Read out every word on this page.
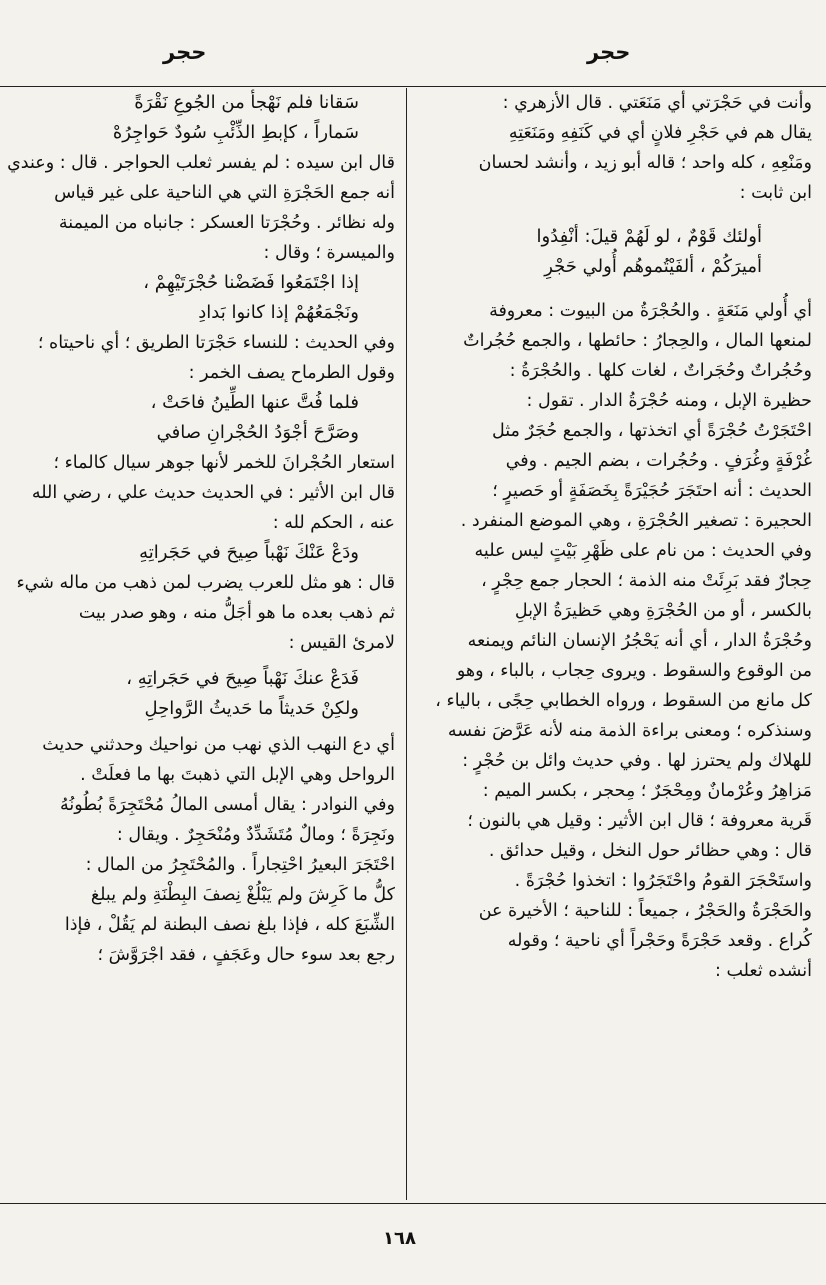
حجر
حجر
وأنت في حَجْرَتي أي مَنَعَتي . قال الأزهري :
يقال هم في حَجْرِ فلانٍ أي في كَنَفِهِ ومَنَعَتِهِ
ومَنْعِهِ ، كله واحد ؛ قاله أبو زيد ، وأنشد لحسان
ابن ثابت :
أولئك قَوْمٌ ، لو لَهُمْ قيلَ: أنْفِدُوا
أميرَكُمْ ، ألفَيْتُموهُم أُولي حَجْرِ
أي أُولي مَنَعَةٍ . والحُجْرَةُ من البيوت : معروفة
لمنعها المال ، والحِجارُ : حائطها ، والجمع حُجُراتٌ
وحُجُراتٌ وحُجَراتٌ ، لغات كلها . والحُجْرَةُ :
حظيرة الإبل ، ومنه حُجْرَةُ الدار . تقول :
احْتَجَرْتُ حُجْرَةً أي اتخذتها ، والجمع حُجَرٌ مثل
غُرْفَةٍ وغُرَفٍ . وحُجُرات ، بضم الجيم . وفي
الحديث : أنه احتَجَرَ حُجَيْرَةً بِخَصَفَةٍ أو حَصيرٍ ؛
الحجيرة : تصغير الحُجْرَةِ ، وهي الموضع المنفرد .
وفي الحديث : من نام على ظَهْرِ بَيْتٍ ليس عليه
حِجارٌ فقد بَرِئَتْ منه الذمة ؛ الحجار جمع حِجْرٍ ،
بالكسر ، أو من الحُجْرَةِ وهي حَظيرَةُ الإبلِ
وحُجْرَةُ الدار ، أي أنه يَحْجُرُ الإنسان النائم ويمنعه
من الوقوع والسقوط . ويروى حِجاب ، بالباء ، وهو
كل مانع من السقوط ، ورواه الخطابي حِجًى ، بالياء ،
وسنذكره ؛ ومعنى براءة الذمة منه لأنه عَرَّضَ نفسه
للهلاك ولم يحترز لها . وفي حديث وائل بن حُجْرٍ :
مَزاهِرُ وعُرْمانٌ ومِحْجَرٌ ؛ مِحجر ، بكسر الميم :
قَرية معروفة ؛ قال ابن الأثير : وقيل هي بالنون ؛
قال : وهي حظائر حول النخل ، وقيل حدائق .
واستَحْجَرَ القومُ واحْتَجَرُوا : اتخذوا حُجْرَةً .
والحَجْرَةُ والحَجْرُ ، جميعاً : للناحية ؛ الأخيرة عن
كُراع . وقعد حَجْرَةً وحَجْراً أي ناحية ؛ وقوله
أنشده ثعلب :
سَقانا فلم نَهْجأ من الجُوعِ نَقْرَةً
سَماراً ، كإبطِ الذِّئْبِ سُودٌ حَواجِرُهْ
قال ابن سيده : لم يفسر ثعلب الحواجر . قال : وعندي
أنه جمع الحَجْرَةِ التي هي الناحية على غير قياس
وله نظائر . وحُجْرَتا العسكر : جانباه من الميمنة
والميسرة ؛ وقال :
إذا اجْتَمَعُوا فَضَضْنا حُجْرَتَيْهِمْ ،
ونَجْمَعُهُمْ إذا كانوا بَدادِ
وفي الحديث : للنساء حَجْرَتا الطريق ؛ أي ناحيتاه ؛
وقول الطرماح يصف الخمر :
فلما فُتَّ عنها الطِّينُ فاحَتْ ،
وصَرَّحَ أجْوَدُ الحُجْرانِ صافي
استعار الحُجْرانَ للخمر لأنها جوهر سيال كالماء ؛
قال ابن الأثير : في الحديث حديث علي ، رضي الله
عنه ، الحكم لله :
ودَعْ عَنْكَ نَهْباً صِيحَ في حَجَراتِهِ
قال : هو مثل للعرب يضرب لمن ذهب من ماله شيء
ثم ذهب بعده ما هو أجَلُّ منه ، وهو صدر بيت
لامرئ القيس :
فَدَعْ عنكَ نَهْباً صِيحَ في حَجَراتِهِ ،
ولكِنْ حَديثاً ما حَديثُ الرَّواحِلِ
أي دع النهب الذي نهب من نواحيك وحدثني حديث
الرواحل وهي الإبل التي ذهبتَ بها ما فعلَتْ .
وفي النوادر : يقال أمسى المالُ مُحْتَجِرَةً بُطُونُهُ
ونَجِرَةً ؛ ومالٌ مُتَشَدِّدٌ ومُنْحَجِرٌ . ويقال :
احْتَجَرَ البعيرُ احْتِجاراً . والمُحْتَجِرُ من المال :
كلُّ ما كَرِشَ ولم يَبْلُغْ نِصفَ البِطْنَةِ ولم يبلغ
الشِّبَعَ كله ، فإذا بلغ نصف البطنة لم يَقُلْ ، فإذا
رجع بعد سوء حال وعَجَفٍ ، فقد اجْرَوَّشَ ؛
١٦٨
